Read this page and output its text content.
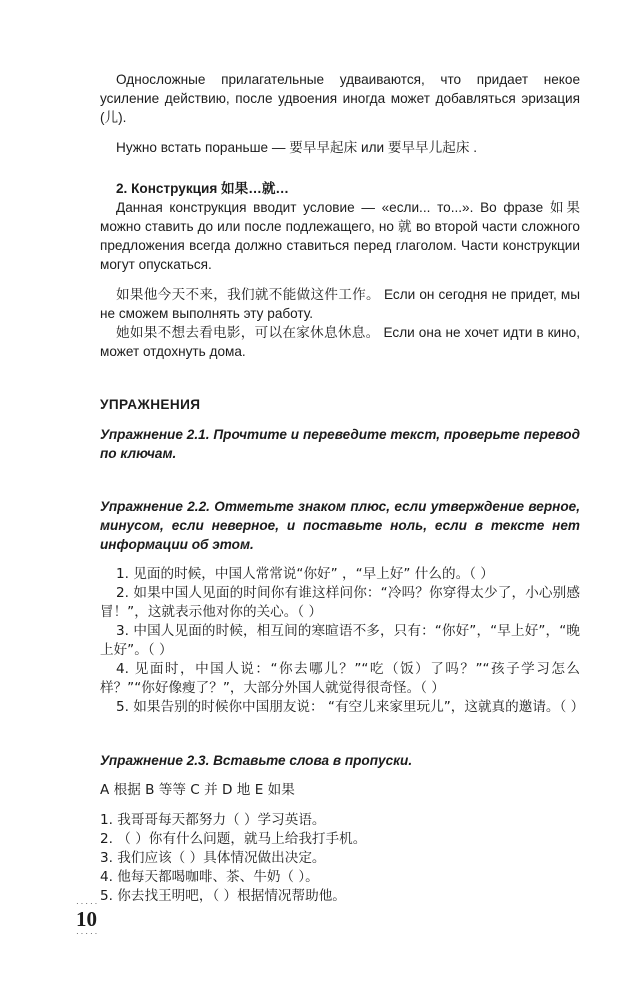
Односложные прилагательные удваиваются, что придает некое усиление действию, после удвоения иногда может добавляться эризация (儿).

Нужно встать пораньше — 要早早起床 или 要早早儿起床 .

2. Конструкция 如果…就…

Данная конструкция вводит условие — «если... то...». Во фразе 如果 можно ставить до или после подлежащего, но 就 во второй части сложного предложения всегда должно ставиться перед глаголом. Части конструкции могут опускаться.

如果他今天不来，我们就不能做这件工作。 Если он сегодня не придет, мы не сможем выполнять эту работу.

她如果不想去看电影，可以在家休息休息。 Если она не хочет идти в кино, может отдохнуть дома.

УПРАЖНЕНИЯ

Упражнение 2.1. Прочтите и переведите текст, проверьте перевод по ключам.

Упражнение 2.2. Отметьте знаком плюс, если утверждение верное, минусом, если неверное, и поставьте ноль, если в тексте нет информации об этом.

1. 见面的时候，中国人常常说“你好” ，“早上好” 什么的。（ ）

2. 如果中国人见面的时间你有谁这样问你：“冷吗？你穿得太少了，小心别感冒！”，这就表示他对你的关心。（ ）

3. 中国人见面的时候，相互间的寒暄语不多，只有：“你好”，“早上好”，“晚上好”。（ ）

4. 见面时，中国人说：“你去哪儿？”“吃（饭）了吗？”“孩子学习怎么样？”“你好像瘦了？”，大部分外国人就觉得很奇怪。（ ）

5. 如果告别的时候你中国朋友说： “有空儿来家里玩儿”，这就真的邀请。（ ）

Упражнение 2.3. Вставьте слова в пропуски.

A 根据 B 等等 C 并 D 地 E 如果

1. 我哥哥每天都努力（ ）学习英语。

2. （ ）你有什么问题，就马上给我打手机。

3. 我们应该（ ）具体情况做出决定。

4. 他每天都喝咖啡、茶、牛奶（ ）。

5. 你去找王明吧，（ ）根据情况帮助他。

·····
10
·····
